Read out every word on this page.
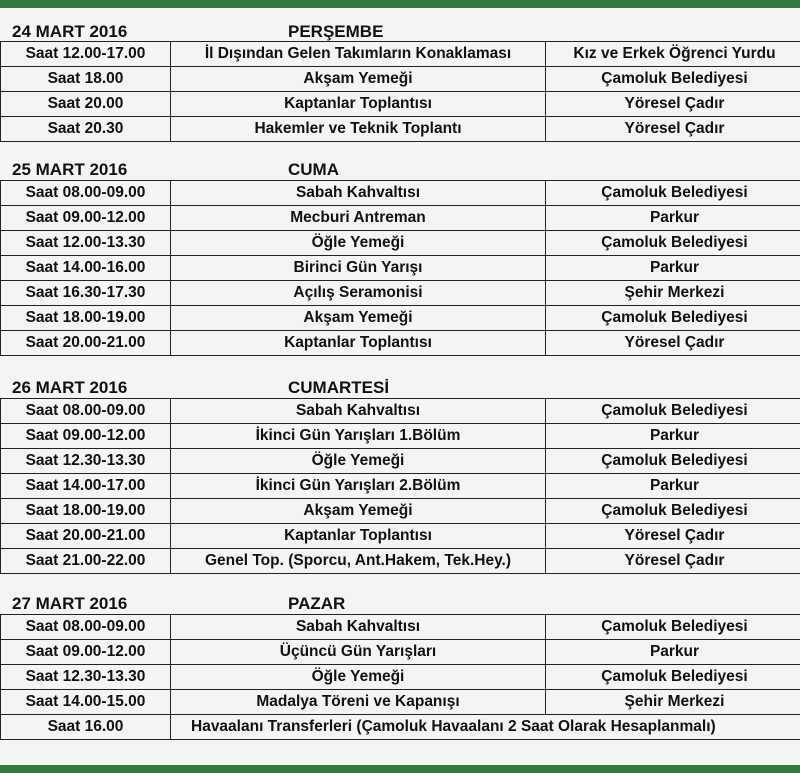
24 MART 2016	PERŞEMBE
Saat 12.00-17.00	İl Dışından Gelen Takımların Konaklaması	Kız ve Erkek Öğrenci Yurdu
Saat 18.00	Akşam Yemeği	Çamoluk Belediyesi
Saat 20.00	Kaptanlar Toplantısı	Yöresel Çadır
Saat 20.30	Hakemler ve Teknik Toplantı	Yöresel Çadır
25 MART 2016	CUMA
Saat 08.00-09.00	Sabah Kahvaltısı	Çamoluk Belediyesi
Saat 09.00-12.00	Mecburi Antreman	Parkur
Saat 12.00-13.30	Öğle Yemeği	Çamoluk Belediyesi
Saat 14.00-16.00	Birinci Gün Yarışı	Parkur
Saat 16.30-17.30	Açılış Seramonisi	Şehir Merkezi
Saat 18.00-19.00	Akşam Yemeği	Çamoluk Belediyesi
Saat 20.00-21.00	Kaptanlar Toplantısı	Yöresel Çadır
26 MART 2016	CUMARTESİ
Saat 08.00-09.00	Sabah Kahvaltısı	Çamoluk Belediyesi
Saat 09.00-12.00	İkinci Gün Yarışları 1.Bölüm	Parkur
Saat 12.30-13.30	Öğle Yemeği	Çamoluk Belediyesi
Saat 14.00-17.00	İkinci Gün Yarışları 2.Bölüm	Parkur
Saat 18.00-19.00	Akşam Yemeği	Çamoluk Belediyesi
Saat 20.00-21.00	Kaptanlar Toplantısı	Yöresel Çadır
Saat 21.00-22.00	Genel Top. (Sporcu, Ant.Hakem, Tek.Hey.)	Yöresel Çadır
27 MART 2016	PAZAR
Saat 08.00-09.00	Sabah Kahvaltısı	Çamoluk Belediyesi
Saat 09.00-12.00	Üçüncü Gün Yarışları	Parkur
Saat 12.30-13.30	Öğle Yemeği	Çamoluk Belediyesi
Saat 14.00-15.00	Madalya Töreni ve Kapanışı	Şehir Merkezi
Saat 16.00	Havaalanı Transferleri (Çamoluk Havaalanı 2 Saat Olarak Hesaplanmalı)	
